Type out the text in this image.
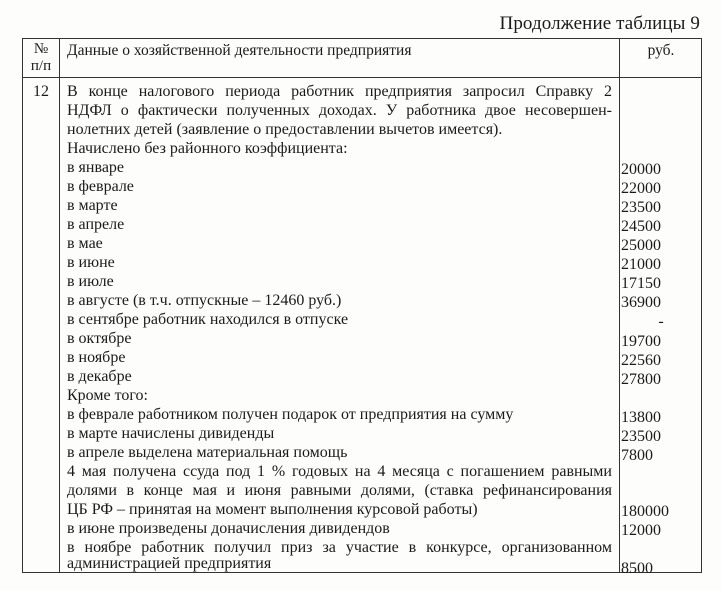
Продолжение таблицы 9
№
п/п
Данные о хозяйственной деятельности предприятия	руб.
12	В конце налогового периода работник предприятия запросил Справку 2
НДФЛ о фактически полученных доходах. У работника двое несовершен-
нолетних детей (заявление о предоставлении вычетов имеется).
Начислено без районного коэффициента:
в январе
в феврале
в марте
в апреле
в мае
в июне
в июле
в августе (в т.ч. отпускные – 12460 руб.)
в сентябре работник находился в отпуске
в октябре
в ноябре
в декабре
Кроме того:
в феврале работником получен подарок от предприятия на сумму
в марте начислены дивиденды
в апреле выделена материальная помощь
4 мая получена ссуда под 1 % годовых на 4 месяца с погашением равными
долями в конце мая и июня равными долями, (ставка рефинансирования
ЦБ РФ – принятая на момент выполнения курсовой работы)
в июне произведены доначисления дивидендов
в ноябре работник получил приз за участие в конкурсе, организованном
администрацией предприятия
20000
22000
23500
24500
25000
21000
17150
36900
-
19700
22560
27800
13800
23500
7800
180000
12000
8500
